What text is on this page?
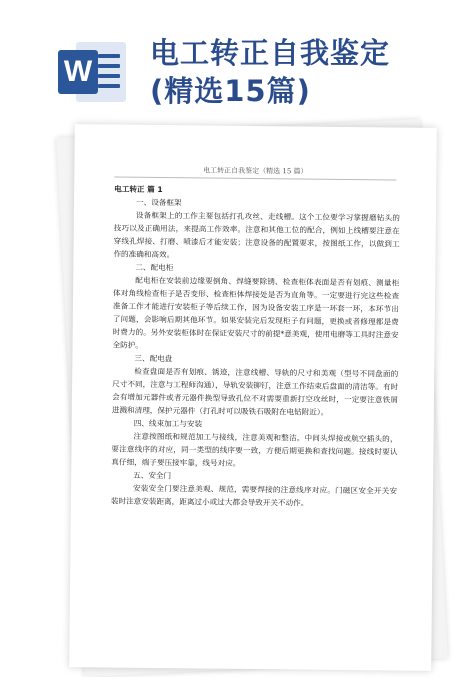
W
电工转正自我鉴定
(精选15篇)
电工转正自我鉴定（精选 15 篇）

电工转正 篇 1

一、设备框架

设备框架上的工作主要包括打孔攻丝、走线槽。这个工位要学习掌握磨钻头的技巧以及正确用法，来提高工作效率。注意和其他工位的配合，例如上线槽要注意在穿线孔焊接、打磨、喷漆后才能安装；注意设备的配置要求，按图纸工作，以做到工作的准确和高效。

二、配电柜

配电柜在安装前边缘要倒角、焊缝要除锈、检查柜体表面是否有划痕、测量柜体对角线检查柜子是否变形、检查柜体焊接处是否为直角等。一定要进行完这些检查准备工作才能进行安装柜子等后续工作，因为设备安装工序是一环套一环，本环节出了问题，会影响后期其他环节。如果安装完后发现柜子有问题，更换或者修理都是费时费力的。另外安装柜体时在保证安装尺寸的前提*意美观，使用电磨等工具时注意安全防护。

三、配电盘

检查盘面是否有划痕、锈迹，注意线槽、导轨的尺寸和美观（型号不同盘面的尺寸不同，注意与工程师沟通），导轨安装铆钉，注意工作结束后盘面的清洁等。有时会有增加元器件或者元器件换型导致孔位不对需要重新打空攻丝时，一定要注意铁屑进溅和清理，保护元器件（打孔时可以吸铁石吸附在电钻附近）。

四、线束加工与安装

注意按图纸和规范加工与接线，注意美观和整洁。中间头焊接或航空插头的，要注意线序的对应，同一类型的线序要一致，方便后期更换和查找问题。接线时要认真仔细，端子要压接牢靠，线号对应。

五、安全门

安装安全门要注意美观、规范，需要焊接的注意线序对应。门磁区安全开关安装时注意安装距离，距离过小或过大都会导致开关不动作。
